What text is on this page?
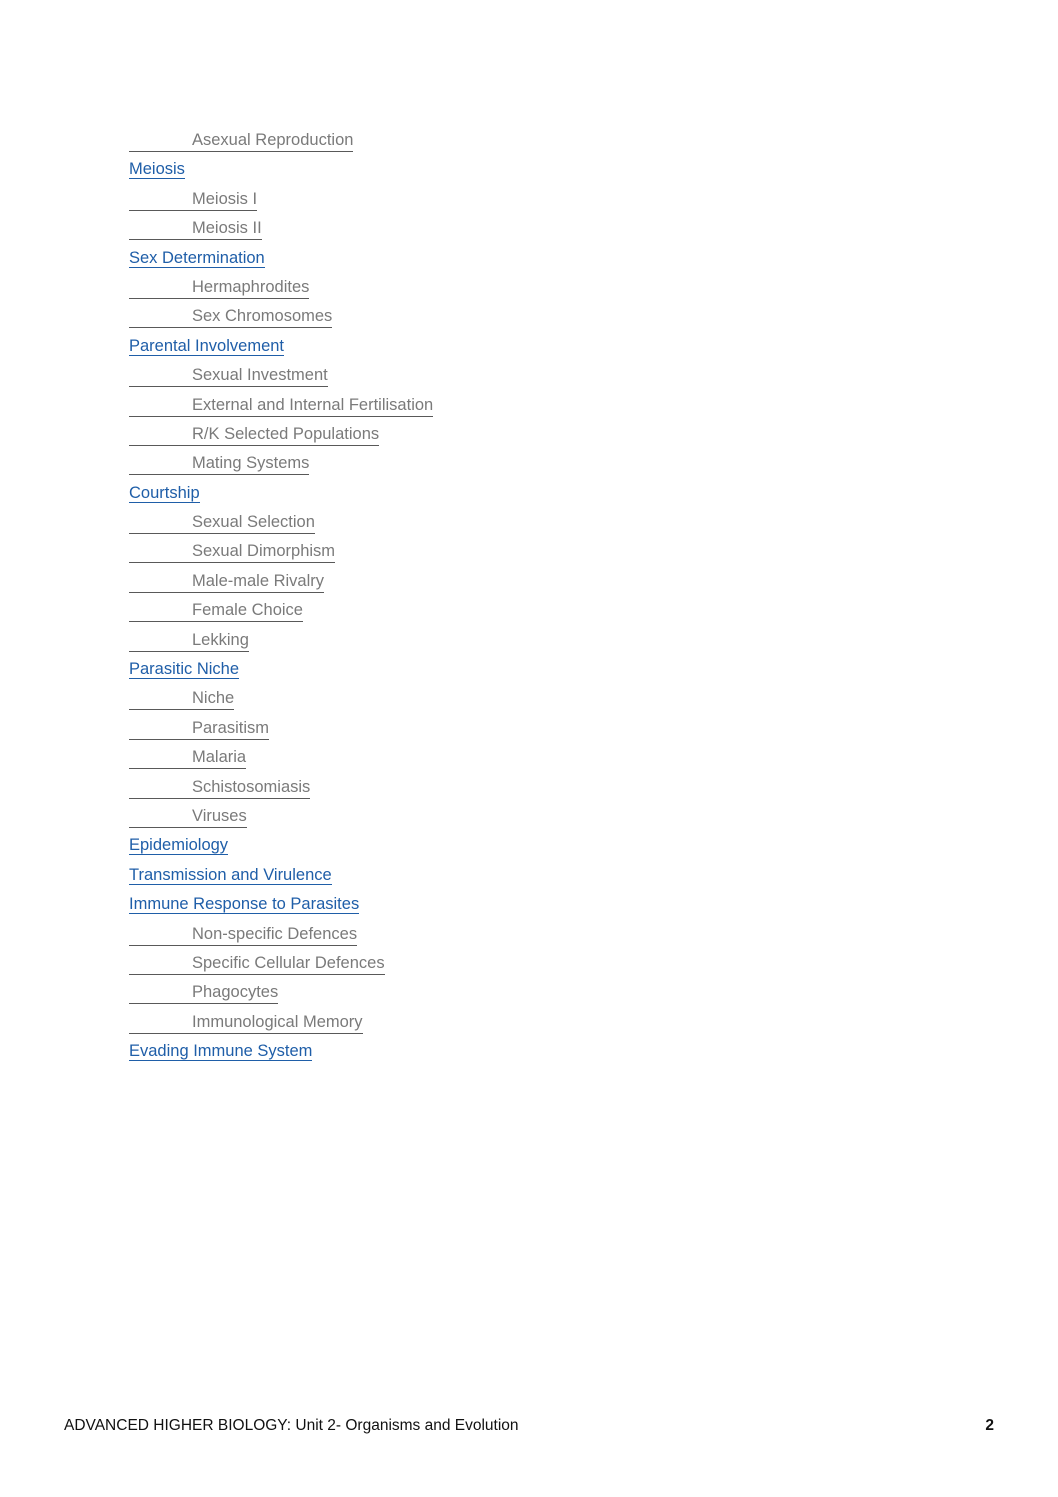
Asexual Reproduction
Meiosis
Meiosis I
Meiosis II
Sex Determination
Hermaphrodites
Sex Chromosomes
Parental Involvement
Sexual Investment
External and Internal Fertilisation
R/K Selected Populations
Mating Systems
Courtship
Sexual Selection
Sexual Dimorphism
Male-male Rivalry
Female Choice
Lekking
Parasitic Niche
Niche
Parasitism
Malaria
Schistosomiasis
Viruses
Epidemiology
Transmission and Virulence
Immune Response to Parasites
Non-specific Defences
Specific Cellular Defences
Phagocytes
Immunological Memory
Evading Immune System
ADVANCED HIGHER BIOLOGY: Unit 2- Organisms and Evolution	2
